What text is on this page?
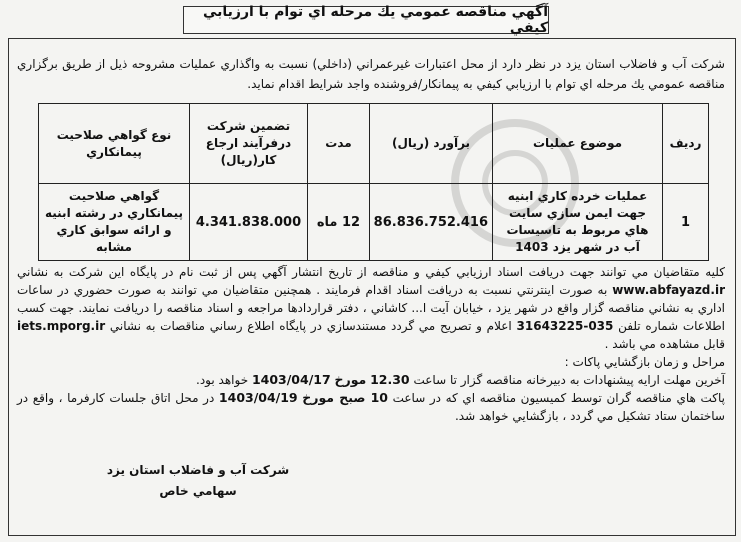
آگهي مناقصه عمومي يك مرحله اي توام با ارزيابي كيفي
شركت آب و فاضلاب استان يزد در نظر دارد از محل اعتبارات غيرعمراني (داخلي) نسبت به واگذاري عمليات مشروحه ذيل از طريق برگزاري مناقصه عمومي يك مرحله اي توام با ارزيابي كيفي به پيمانكار/فروشنده واجد شرايط اقدام نمايد.
رديف	موضوع عمليات	برآورد (ريال)	مدت	تضمين شركت درفرآيند ارجاع كار(ريال)	نوع گواهي صلاحيت پيمانكاري
1	عمليات خرده كاري ابنيه جهت ايمن سازي سايت هاي مربوط به تاسيسات آب در شهر يزد 1403	86.836.752.416	12 ماه	4.341.838.000	گواهي صلاحيت پيمانكاري در رشته ابنيه و ارائه سوابق كاري مشابه

كليه متقاضيان مي توانند جهت دريافت اسناد ارزيابي كيفي و مناقصه از تاريخ انتشار آگهي پس از ثبت نام در پايگاه اين شركت به نشاني www.abfayazd.ir به صورت اينترنتي نسبت به دريافت اسناد اقدام فرمايند . همچنين متقاضيان مي توانند به صورت حضوري در ساعات اداري به نشاني مناقصه گزار واقع در شهر يزد ، خيابان آيت ا... كاشاني ، دفتر قراردادها مراجعه و اسناد مناقصه را دريافت نمايند. جهت كسب اطلاعات شماره تلفن 035-31643225 اعلام و تصريح مي گردد مستندسازي در پايگاه اطلاع رساني مناقصات به نشاني iets.mporg.ir قابل مشاهده مي باشد .

مراحل و زمان بازگشايي پاكات :

آخرين مهلت ارايه پيشنهادات به دبيرخانه مناقصه گزار تا ساعت 12.30 مورخ 1403/04/17 خواهد بود.

پاكت هاي مناقصه گران توسط كميسيون مناقصه اي كه در ساعت 10 صبح مورخ 1403/04/19 در محل اتاق جلسات كارفرما ، واقع در ساختمان ستاد تشكيل مي گردد ، بازگشايي خواهد شد.

شركت آب و فاضلاب استان يزد
سهامي خاص
